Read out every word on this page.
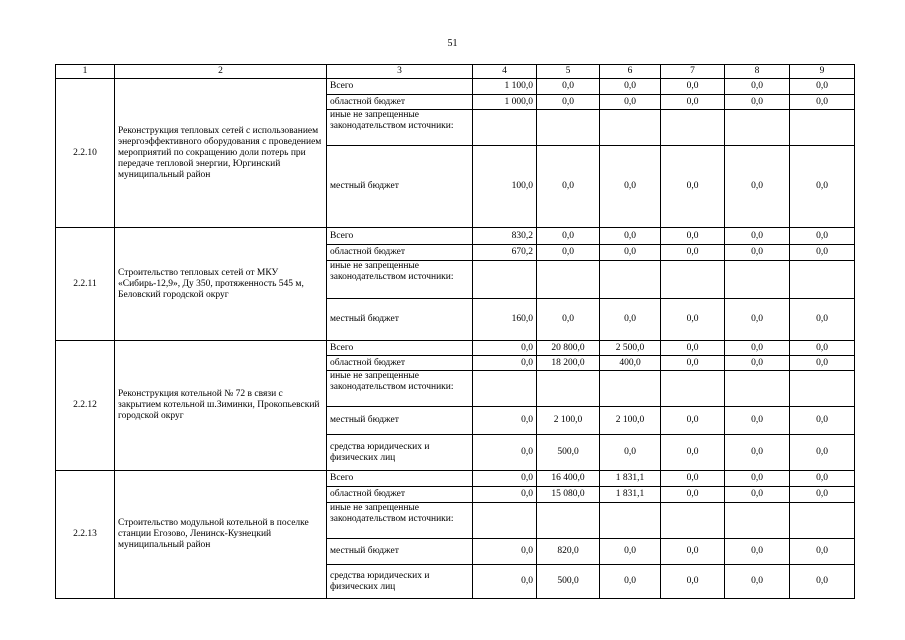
51
1	2	3	4	5	6	7	8	9
2.2.10	Реконструкция тепловых сетей с использованием энергоэффективного оборудования с проведением мероприятий по сокращению доли потерь при передаче тепловой энергии, Юргинский муниципальный район	Всего	1 100,0	0,0	0,0	0,0	0,0	0,0
		областной бюджет	1 000,0	0,0	0,0	0,0	0,0	0,0
		иные не запрещенные законодательством источники:						
		местный бюджет	100,0	0,0	0,0	0,0	0,0	0,0
2.2.11	Строительство тепловых сетей от МКУ «Сибирь-12,9», Ду 350, протяженность 545 м, Беловский городской округ	Всего	830,2	0,0	0,0	0,0	0,0	0,0
		областной бюджет	670,2	0,0	0,0	0,0	0,0	0,0
		иные не запрещенные законодательством источники:						
		местный бюджет	160,0	0,0	0,0	0,0	0,0	0,0
2.2.12	Реконструкция котельной № 72 в связи с закрытием котельной ш.Зиминки, Прокопьевский городской округ	Всего	0,0	20 800,0	2 500,0	0,0	0,0	0,0
		областной бюджет	0,0	18 200,0	400,0	0,0	0,0	0,0
		иные не запрещенные законодательством источники:						
		местный бюджет	0,0	2 100,0	2 100,0	0,0	0,0	0,0
		средства юридических и физических лиц	0,0	500,0	0,0	0,0	0,0	0,0
2.2.13	Строительство модульной котельной в поселке станции Егозово, Ленинск-Кузнецкий муниципальный район	Всего	0,0	16 400,0	1 831,1	0,0	0,0	0,0
		областной бюджет	0,0	15 080,0	1 831,1	0,0	0,0	0,0
		иные не запрещенные законодательством источники:						
		местный бюджет	0,0	820,0	0,0	0,0	0,0	0,0
		средства юридических и физических лиц	0,0	500,0	0,0	0,0	0,0	0,0
